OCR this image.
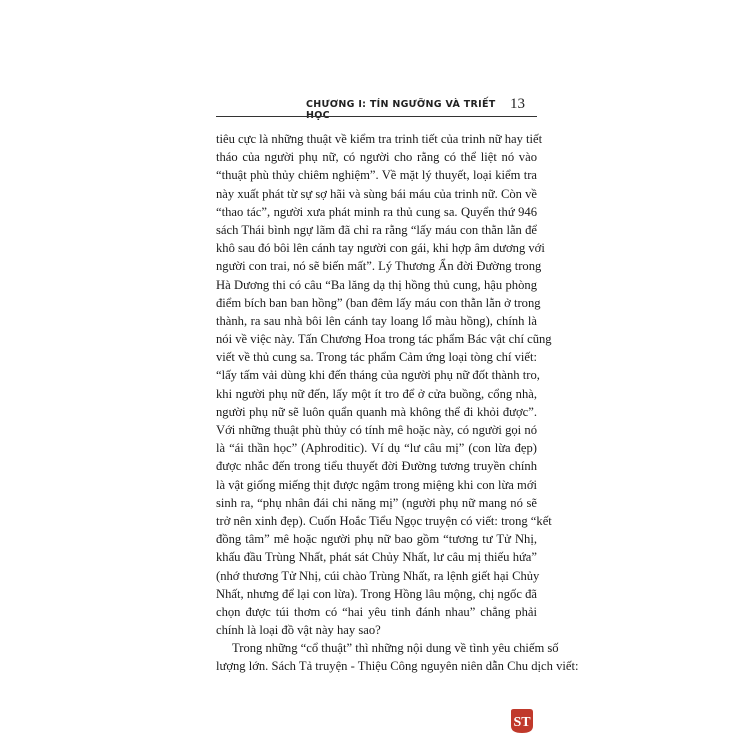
CHƯƠNG I: TÍN NGƯỠNG VÀ TRIẾT 13
tiêu cực là những thuật về kiểm tra trinh tiết của trinh nữ hay tiết
tháo của người phụ nữ, có người cho rằng có thể liệt nó vào
“thuật phù thủy chiêm nghiệm”. Về mặt lý thuyết, loại kiểm tra
này xuất phát từ sự sợ hãi và sùng bái máu của trinh nữ. Còn về
“thao tác”, người xưa phát minh ra thủ cung sa. Quyển thứ 946
sách Thái bình ngự lãm đã chỉ ra rằng “lấy máu con thằn lằn để
khô sau đó bôi lên cánh tay người con gái, khi hợp âm dương với
người con trai, nó sẽ biến mất”. Lý Thương Ẩn đời Đường trong
Hà Dương thi có câu “Ba lăng dạ thị hồng thủ cung, hậu phòng
điểm bích ban ban hồng” (ban đêm lấy máu con thằn lằn ở trong
thành, ra sau nhà bôi lên cánh tay loang lổ màu hồng), chính là
nói về việc này. Tấn Chương Hoa trong tác phẩm Bác vật chí cũng
viết về thủ cung sa. Trong tác phẩm Cảm ứng loại tòng chí viết:
“lấy tấm vải dùng khi đến tháng của người phụ nữ đốt thành tro,
khi người phụ nữ đến, lấy một ít tro để ở cửa buồng, cổng nhà,
người phụ nữ sẽ luôn quẩn quanh mà không thể đi khỏi được”.
Với những thuật phù thủy có tính mê hoặc này, có người gọi nó
là “ái thần học” (Aphroditic). Ví dụ “lư câu mị” (con lừa đẹp)
được nhắc đến trong tiểu thuyết đời Đường tương truyền chính
là vật giống miếng thịt được ngậm trong miệng khi con lừa mới
sinh ra, “phụ nhân đái chi năng mị” (người phụ nữ mang nó sẽ
trở nên xinh đẹp). Cuốn Hoắc Tiểu Ngọc truyện có viết: trong “kết
đồng tâm” mê hoặc người phụ nữ bao gồm “tương tư Tử Nhị,
khấu đầu Trùng Nhất, phát sát Chủy Nhất, lư câu mị thiếu hứa”
(nhớ thương Tử Nhị, cúi chào Trùng Nhất, ra lệnh giết hại Chủy
Nhất, nhưng để lại con lừa). Trong Hồng lâu mộng, chị ngốc đã
chọn được túi thơm có “hai yêu tinh đánh nhau” chẳng phải
chính là loại đồ vật này hay sao?
Trong những “cổ thuật” thì những nội dung về tình yêu chiếm số
lượng lớn. Sách Tả truyện - Thiệu Công nguyên niên dẫn Chu dịch viết:
ST
